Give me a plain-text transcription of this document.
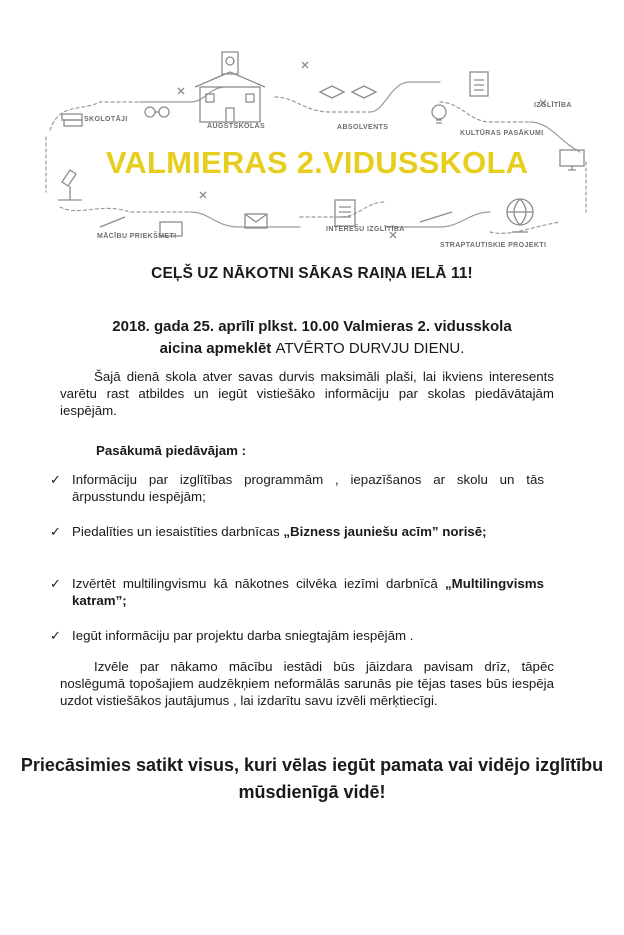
SKOLOTĀJI
AUGSTSKOLAS	ABSOLVENTS
IZGLĪTĪBA
KULTŪRAS PASĀKUMI
VALMIERAS 2.VIDUSSKOLA
MĀCĪBU PRIEKŠMETI
INTEREŠU IZGLĪTĪBA
STRAPTAUTISKIE PROJEKTI
CEĻŠ UZ NĀKOTNI SĀKAS RAIŅA IELĀ 11!
2018. gada 25. aprīlī plkst. 10.00 Valmieras 2. vidusskola
aicina apmeklēt ATVĒRTO DURVJU DIENU.
Šajā dienā skola atver savas durvis maksimāli plaši, lai ikviens interesents varētu rast atbildes un iegūt vistiešāko informāciju par skolas piedāvātajām iespējām.
Pasākumā piedāvājam :
✓ Informāciju par izglītības programmām , iepazīšanos ar skolu un tās ārpusstundu iespējām;
✓ Piedalīties un iesaistīties darbnīcas „Bizness jauniešu acīm” norisē;
✓ Izvērtēt multilingvismu kā nākotnes cilvēka iezīmi darbnīcā „Multilingvisms katram”;
✓ Iegūt informāciju par projektu darba sniegtajām iespējām .
Izvēle par nākamo mācību iestādi būs jāizdara pavisam drīz, tāpēc noslēgumā topošajiem audzēkņiem neformālās sarunās pie tējas tases būs iespēja uzdot vistiešākos jautājumus , lai izdarītu savu izvēli mērķtiecīgi.
Priecāsimies satikt visus, kuri vēlas iegūt pamata vai vidējo izglītību mūsdienīgā vidē!
